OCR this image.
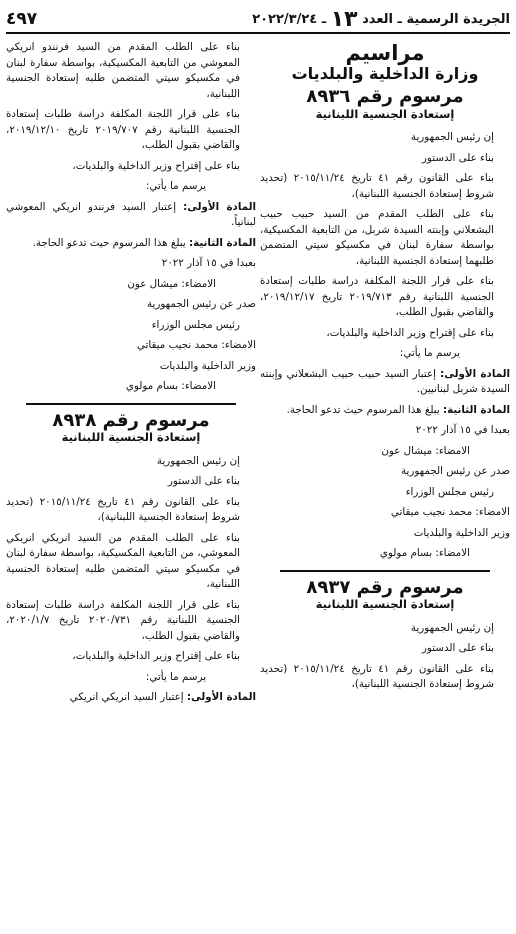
الجريدة الرسمية ـ العدد ١٣ ـ ٢٠٢٢/٣/٢٤
٤٩٧
مراسيم
وزارة الداخلية والبلديات
مرسوم رقم ٨٩٣٦
إستعادة الجنسية اللبنانية

إن رئيس الجمهورية

بناء على الدستور

بناء على القانون رقم ٤١ تاريخ ٢٠١٥/١١/٢٤ (تحديد شروط إستعادة الجنسية اللبنانية)،

بناء على الطلب المقدم من السيد حبيب حبيب البشعلاني وإبنته السيدة شربل، من التابعية المكسيكية، بواسطة سفارة لبنان في مكسيكو سيتي المتضمن طلبهما إستعادة الجنسية اللبنانية،

بناء على قرار اللجنة المكلفة دراسة طلبات إستعادة الجنسية اللبنانية رقم ٢٠١٩/٧١٣ تاريخ ٢٠١٩/١٢/١٧، والقاضي بقبول الطلب،

بناء على إقتراح وزير الداخلية والبلديات،

يرسم ما يأتي:

المادة الأولى: إعتبار السيد حبيب حبيب البشعلاني وإبنته السيدة شربل لبنانيين.

المادة الثانية: يبلغ هذا المرسوم حيث تدعو الحاجة.

بعبدا في ١٥ آذار ٢٠٢٢

الامضاء: ميشال عون

صدر عن رئيس الجمهورية

رئيس مجلس الوزراء

الامضاء: محمد نجيب ميقاتي

وزير الداخلية والبلديات

الامضاء: بسام مولوي

مرسوم رقم ٨٩٣٧
إستعادة الجنسية اللبنانية

إن رئيس الجمهورية

بناء على الدستور

بناء على القانون رقم ٤١ تاريخ ٢٠١٥/١١/٢٤ (تحديد شروط إستعادة الجنسية اللبنانية)،

بناء على الطلب المقدم من السيد فرنندو انريكي المعوشي من التابعية المكسيكية، بواسطة سفارة لبنان في مكسيكو سيتي المتضمن طلبه إستعادة الجنسية اللبنانية،

بناء على قرار اللجنة المكلفة دراسة طلبات إستعادة الجنسية اللبنانية رقم ٢٠١٩/٧٠٧ تاريخ ٢٠١٩/١٢/١٠، والقاضي بقبول الطلب،

بناء على إقتراح وزير الداخلية والبلديات،

يرسم ما يأتي:

المادة الأولى: إعتبار السيد فرنندو انريكي المعوشي لبنانياً.

المادة الثانية: يبلغ هذا المرسوم حيث تدعو الحاجة.

بعبدا في ١٥ آذار ٢٠٢٢

الامضاء: ميشال عون

صدر عن رئيس الجمهورية

رئيس مجلس الوزراء

الامضاء: محمد نجيب ميقاتي

وزير الداخلية والبلديات

الامضاء: بسام مولوي

مرسوم رقم ٨٩٣٨
إستعادة الجنسية اللبنانية

إن رئيس الجمهورية

بناء على الدستور

بناء على القانون رقم ٤١ تاريخ ٢٠١٥/١١/٢٤ (تحديد شروط إستعادة الجنسية اللبنانية)،

بناء على الطلب المقدم من السيد انريكي انريكي المعوشي، من التابعية المكسيكية، بواسطة سفارة لبنان في مكسيكو سيتي المتضمن طلبه إستعادة الجنسية اللبنانية،

بناء على قرار اللجنة المكلفة دراسة طلبات إستعادة الجنسية اللبنانية رقم ٢٠٢٠/٧٣١ تاريخ ٢٠٢٠/١/٧، والقاضي بقبول الطلب،

بناء على إقتراح وزير الداخلية والبلديات،

يرسم ما يأتي:

المادة الأولى: إعتبار السيد انريكي انريكي
